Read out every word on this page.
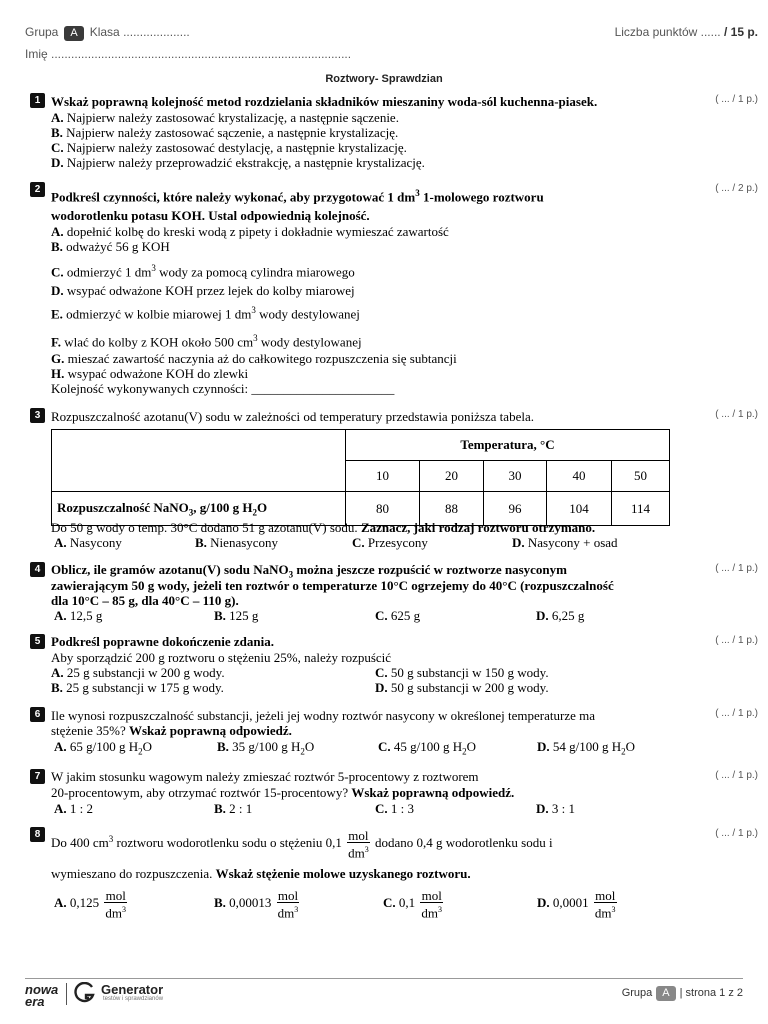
Grupa A Klasa ....................
Imię ..........................................................................................
Liczba punktów ...... / 15 p.
Roztwory- Sprawdzian
1	( ... / 1 p.)
Wskaż poprawną kolejność metod rozdzielania składników mieszaniny woda-sól kuchenna-piasek.
A. Najpierw należy zastosować krystalizację, a następnie sączenie.
B. Najpierw należy zastosować sączenie, a następnie krystalizację.
C. Najpierw należy zastosować destylację, a następnie krystalizację.
D. Najpierw należy przeprowadzić ekstrakcję, a następnie krystalizację.
2	( ... / 2 p.)
Podkreśl czynności, które należy wykonać, aby przygotować 1 $dm^3$ 1-molowego roztworu
wodorotlenku potasu KOH. Ustal odpowiednią kolejność.
A. dopełnić kolbę do kreski wodą z pipety i dokładnie wymieszać zawartość
B. odważyć 56 g KOH
C. odmierzyć 1 $dm^3$ wody za pomocą cylindra miarowego
D. wsypać odważone KOH przez lejek do kolby miarowej
E. odmierzyć w kolbie miarowej 1 $dm^3$ wody destylowanej
F. wlać do kolby z KOH około 500 $cm^3$ wody destylowanej
G. mieszać zawartość naczynia aż do całkowitego rozpuszczenia się subtancji
H. wsypać odważone KOH do zlewki
Kolejność wykonywanych czynności: ______________________
3	( ... / 1 p.)
Rozpuszczalność azotanu(V) sodu w zależności od temperatury przedstawia poniższa tabela.
	Temperatura, °C				
	10	20	30	40	50
Rozpuszczalność NaNO$_3$, g/100 g $H_2O$	80	88	96	104	114
Do 50 g wody o temp. 30°C dodano 51 g azotanu(V) sodu. Zaznacz, jaki rodzaj roztworu otrzymano.
A. Nasycony	B. Nienasycony	C. Przesycony	D. Nasycony + osad
4	( ... / 1 p.)
Oblicz, ile gramów azotanu(V) sodu NaNO$_3$ można jeszcze rozpuścić w roztworze nasyconym
zawierającym 50 g wody, jeżeli ten roztwór o temperaturze 10°C ogrzejemy do 40°C (rozpuszczalność
dla 10°C – 85 g, dla 40°C – 110 g).
A. 12,5 g	B. 125 g	C. 625 g	D. 6,25 g
5	( ... / 1 p.)
Podkreśl poprawne dokończenie zdania.
Aby sporządzić 200 g roztworu o stężeniu 25%, należy rozpuścić
A. 25 g substancji w 200 g wody.	C. 50 g substancji w 150 g wody.
B. 25 g substancji w 175 g wody.	D. 50 g substancji w 200 g wody.
6	( ... / 1 p.)
Ile wynosi rozpuszczalność substancji, jeżeli jej wodny roztwór nasycony w określonej temperaturze ma
stężenie 35%? Wskaż poprawną odpowiedź.
A. 65 g/100 g $H_2O$	B. 35 g/100 g $H_2O$	C. 45 g/100 g $H_2O$	D. 54 g/100 g $H_2O$
7	( ... / 1 p.)
W jakim stosunku wagowym należy zmieszać roztwór 5-procentowy z roztworem
20-procentowym, aby otrzymać roztwór 15-procentowy? Wskaż poprawną odpowiedź.
A. 1 : 2	B. 2 : 1	C. 1 : 3	D. 3 : 1
8	( ... / 1 p.)
Do 400 $cm^3$ roztworu wodorotlenku sodu o stężeniu $0,1 \frac{\text{mol}}{dm^3}$ dodano 0,4 g wodorotlenku sodu i
wymieszano do rozpuszczenia. Wskaż stężenie molowe uzyskanego roztworu.
A. $0,125 \frac{\text{mol}}{dm^3}$	B. $0,00013 \frac{\text{mol}}{dm^3}$	C. $0,1 \frac{\text{mol}}{dm^3}$	D. $0,0001 \frac{\text{mol}}{dm^3}$
nowa
era
Generator
testów i sprawdzianów	Grupa A | strona 1 z 2
